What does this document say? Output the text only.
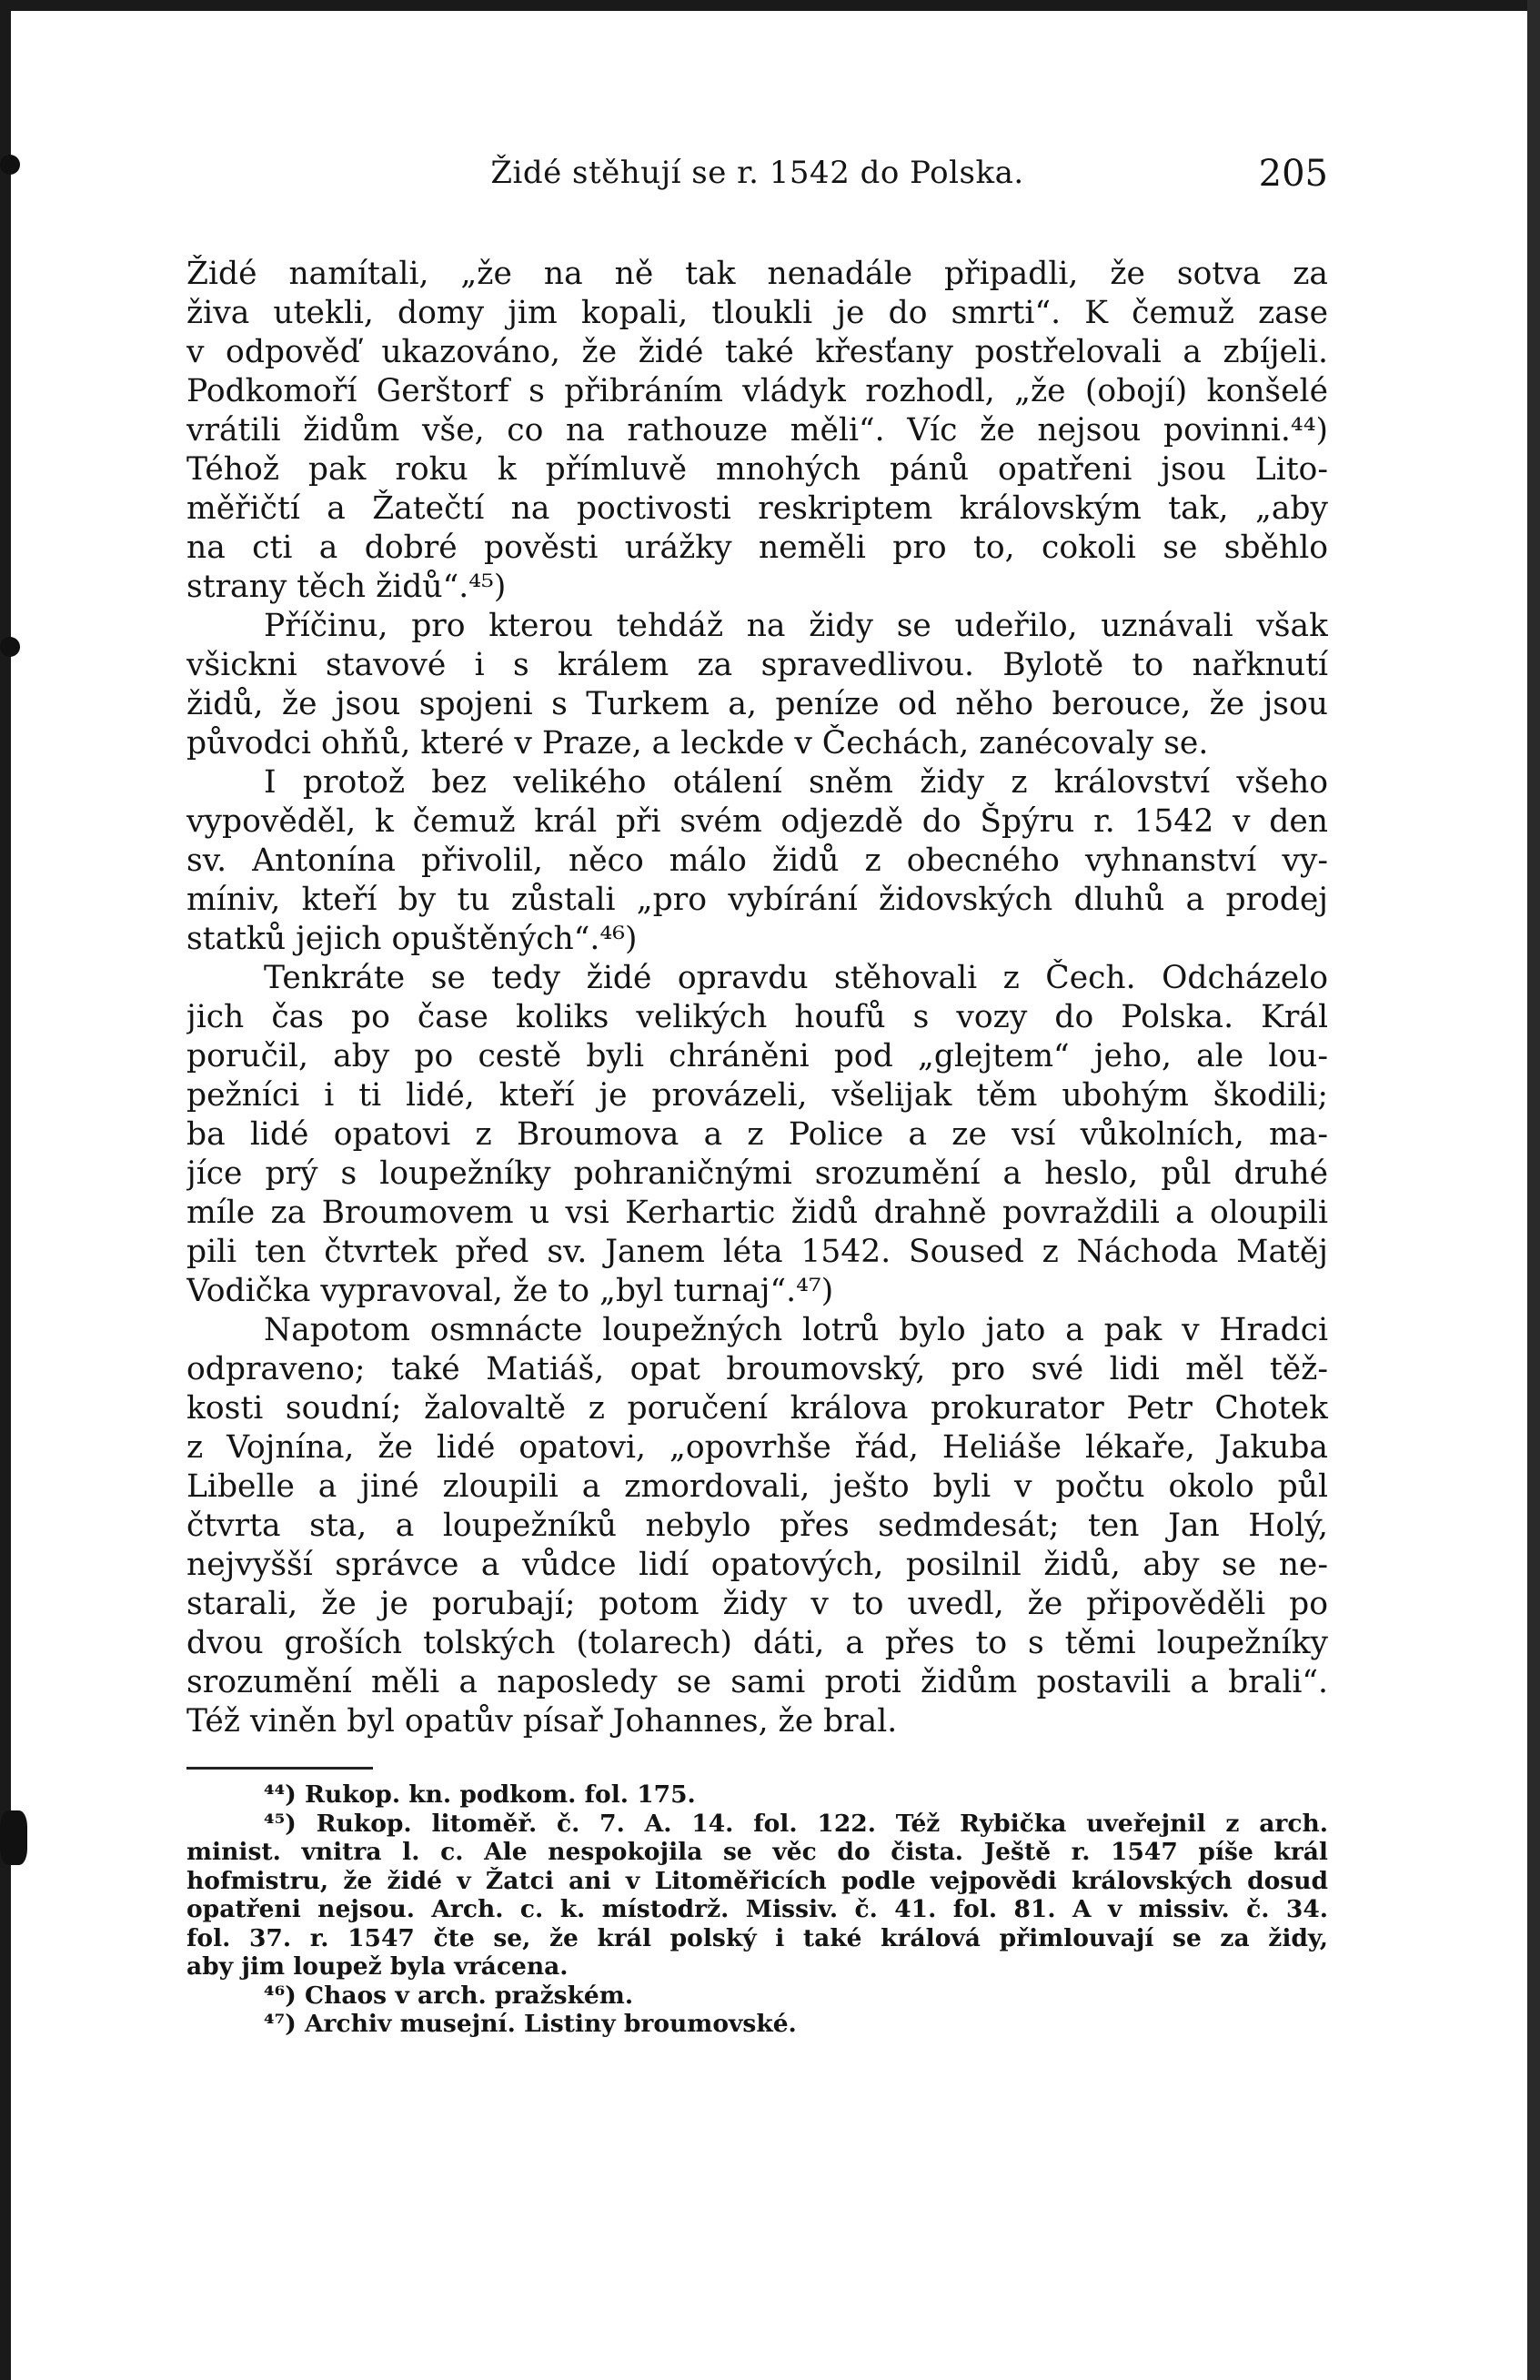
Židé stěhují se r. 1542 do Polska.	205
Židé namítali, „že na ně tak nenadále připadli, že sotva za
živa utekli, domy jim kopali, tloukli je do smrti“. K čemuž zase
v odpověď ukazováno, že židé také křesťany postřelovali a zbíjeli.
Podkomoří Gerštorf s přibráním vládyk rozhodl, „že (obojí) konšelé
vrátili židům vše, co na rathouze měli“. Víc že nejsou povinni.⁴⁴)
Téhož pak roku k přímluvě mnohých pánů opatřeni jsou Lito-
měřičtí a Žatečtí na poctivosti reskriptem královským tak, „aby
na cti a dobré pověsti urážky neměli pro to, cokoli se sběhlo
strany těch židů“.⁴⁵)
Příčinu, pro kterou tehdáž na židy se udeřilo, uznávali však
všickni stavové i s králem za spravedlivou. Bylotě to nařknutí
židů, že jsou spojeni s Turkem a, peníze od něho berouce, že jsou
původci ohňů, které v Praze, a leckde v Čechách, zanécovaly se.
I protož bez velikého otálení sněm židy z království všeho
vypověděl, k čemuž král při svém odjezdě do Špýru r. 1542 v den
sv. Antonína přivolil, něco málo židů z obecného vyhnanství vy-
míniv, kteří by tu zůstali „pro vybírání židovských dluhů a prodej
statků jejich opuštěných“.⁴⁶)
Tenkráte se tedy židé opravdu stěhovali z Čech. Odcházelo
jich čas po čase koliks velikých houfů s vozy do Polska. Král
poručil, aby po cestě byli chráněni pod „glejtem“ jeho, ale lou-
pežníci i ti lidé, kteří je provázeli, všelijak těm ubohým škodili;
ba lidé opatovi z Broumova a z Police a ze vsí vůkolních, ma-
jíce prý s loupežníky pohraničnými srozumění a heslo, půl druhé
míle za Broumovem u vsi Kerhartic židů drahně povraždili a oloupili
pili ten čtvrtek před sv. Janem léta 1542. Soused z Náchoda Matěj
Vodička vypravoval, že to „byl turnaj“.⁴⁷)
Napotom osmnácte loupežných lotrů bylo jato a pak v Hradci
odpraveno; také Matiáš, opat broumovský, pro své lidi měl těž-
kosti soudní; žalovaltě z poručení králova prokurator Petr Chotek
z Vojnína, že lidé opatovi, „opovrhše řád, Heliáše lékaře, Jakuba
Libelle a jiné zloupili a zmordovali, ješto byli v počtu okolo půl
čtvrta sta, a loupežníků nebylo přes sedmdesát; ten Jan Holý,
nejvyšší správce a vůdce lidí opatových, posilnil židů, aby se ne-
starali, že je porubají; potom židy v to uvedl, že připověděli po
dvou groších tolských (tolarech) dáti, a přes to s těmi loupežníky
srozumění měli a naposledy se sami proti židům postavili a brali“.
Též viněn byl opatův písař Johannes, že bral.
⁴⁴) Rukop. kn. podkom. fol. 175.
⁴⁵) Rukop. litoměř. č. 7. A. 14. fol. 122. Též Rybička uveřejnil z arch.
minist. vnitra l. c. Ale nespokojila se věc do čista. Ještě r. 1547 píše král
hofmistru, že židé v Žatci ani v Litoměřicích podle vejpovědi královských dosud
opatřeni nejsou. Arch. c. k. místodrž. Missiv. č. 41. fol. 81. A v missiv. č. 34.
fol. 37. r. 1547 čte se, že král polský i také králová přimlouvají se za židy,
aby jim loupež byla vrácena.
⁴⁶) Chaos v arch. pražském.
⁴⁷) Archiv musejní. Listiny broumovské.
